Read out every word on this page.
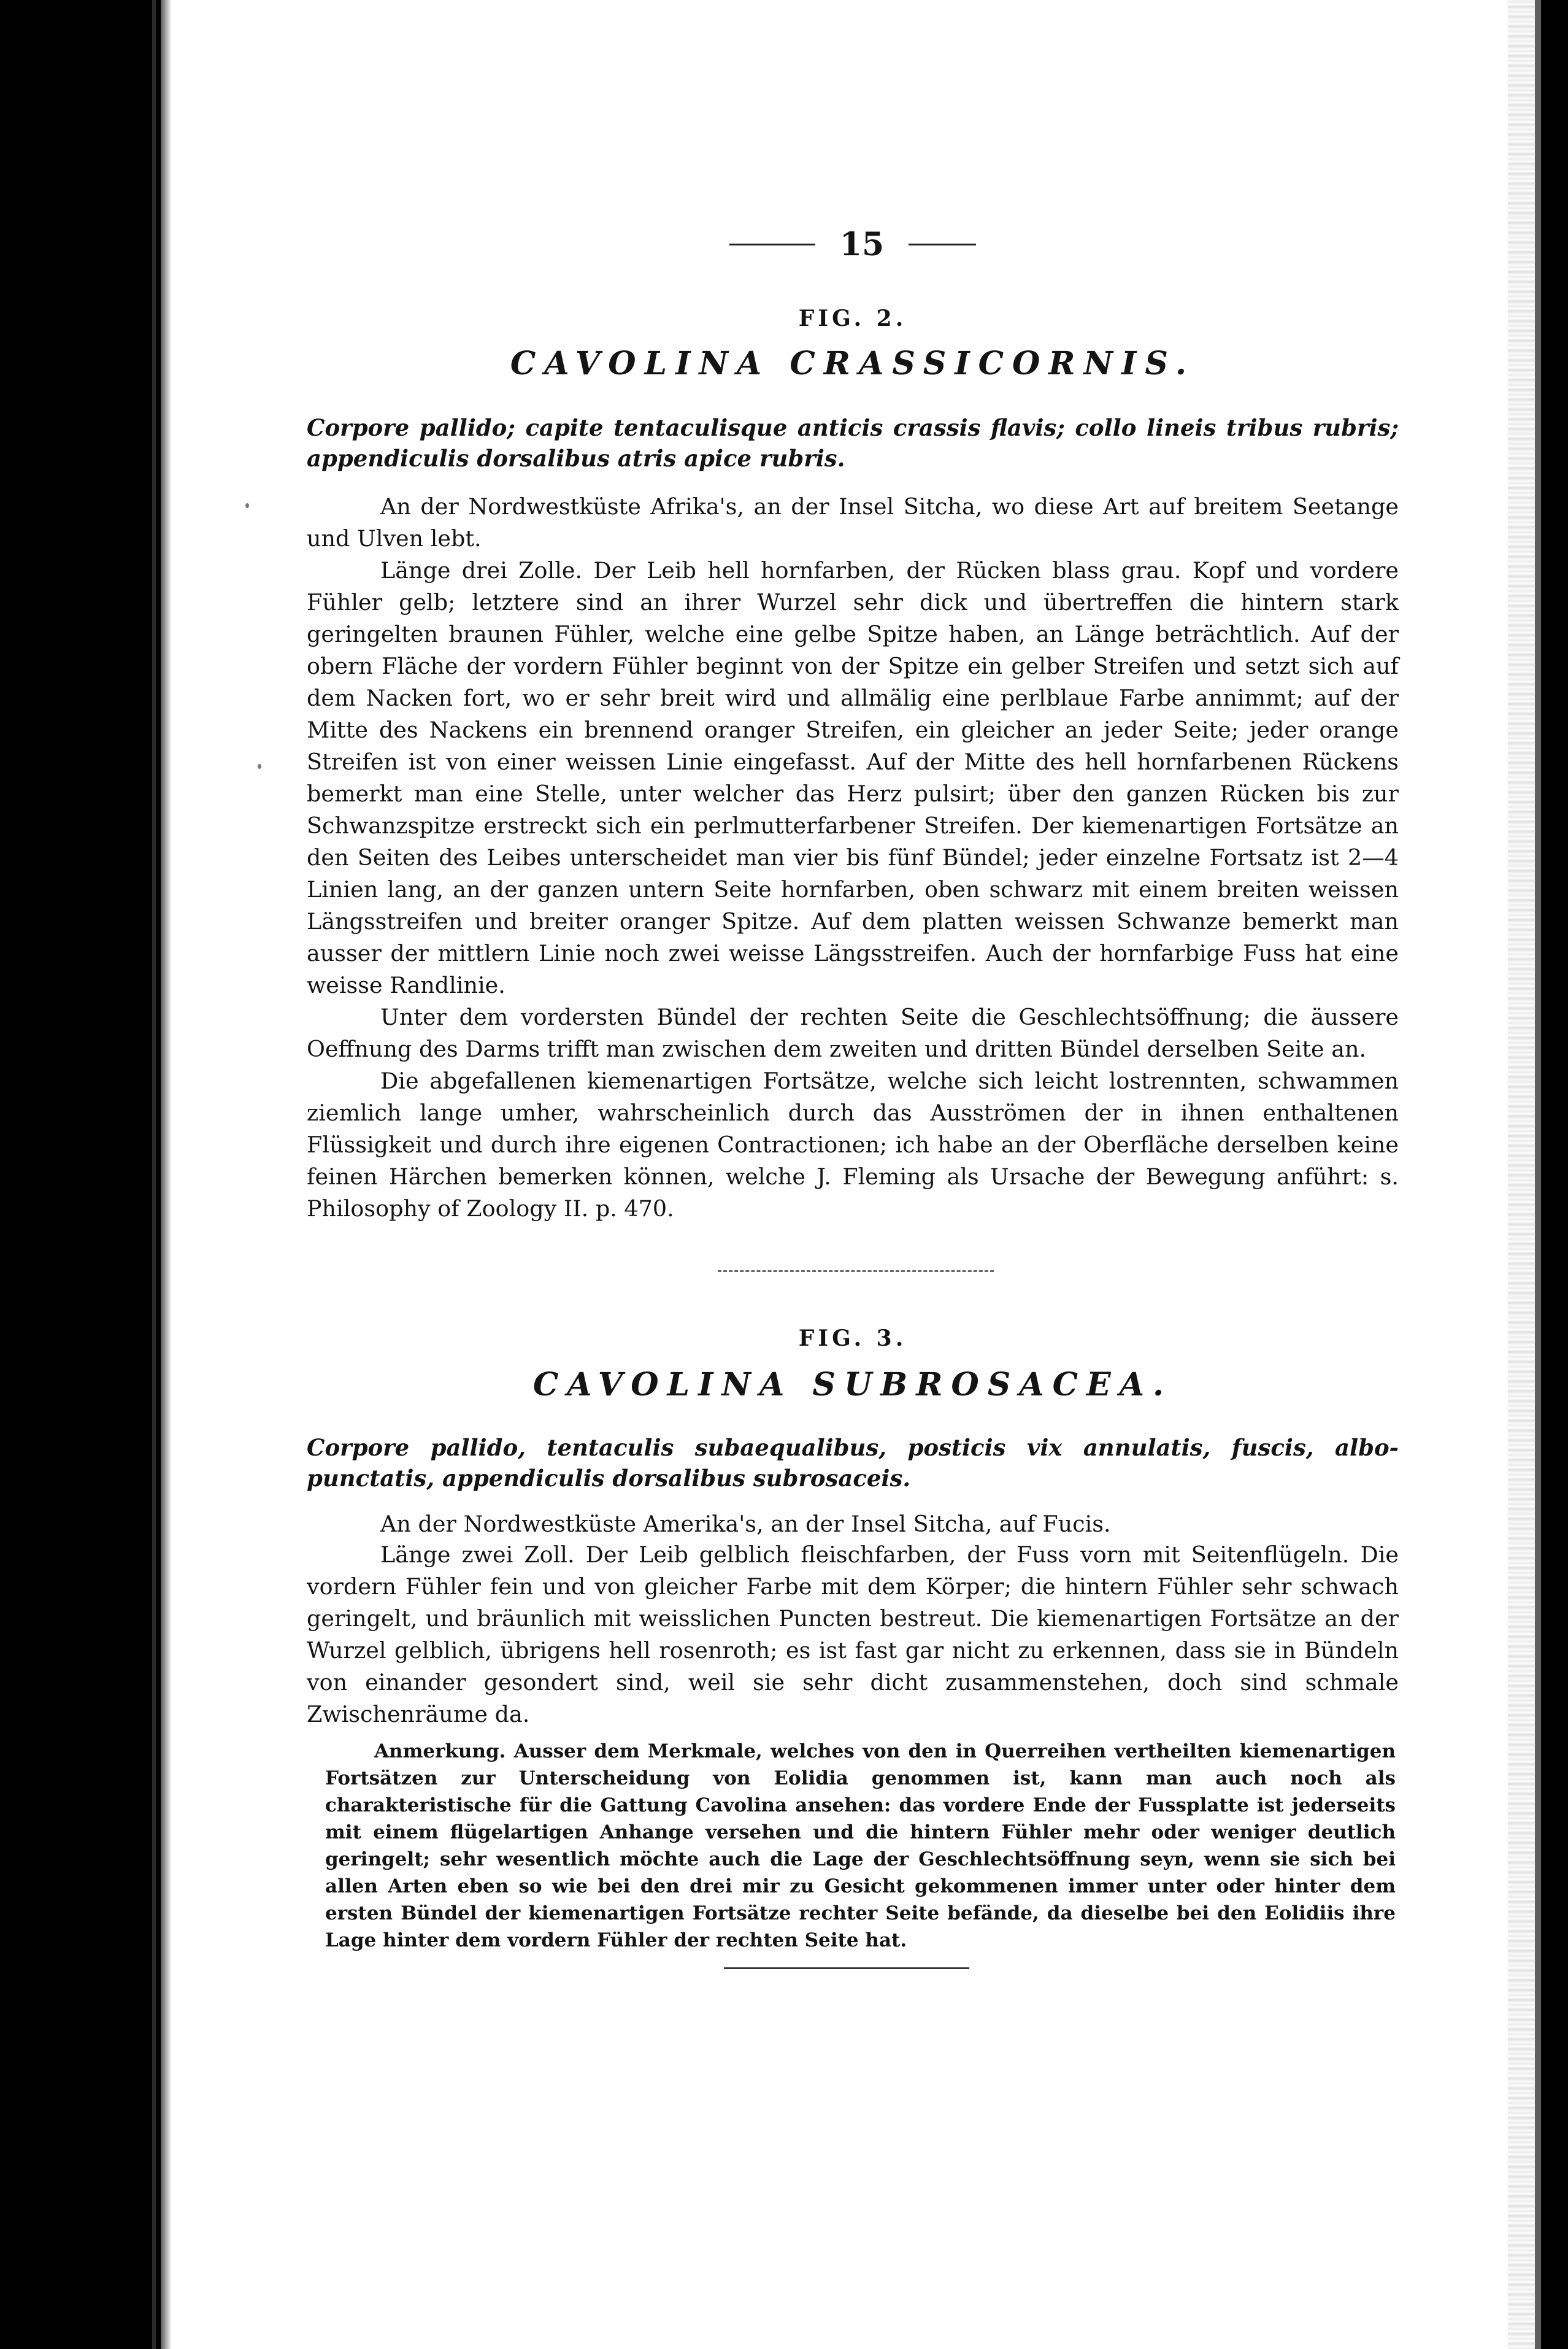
15
FIG. 2.
CAVOLINA CRASSICORNIS.

Corpore pallido; capite tentaculisque anticis crassis flavis; collo lineis tribus rubris; appendiculis dorsalibus atris apice rubris.

An der Nordwestküste Afrika's, an der Insel Sitcha, wo diese Art auf breitem Seetange und Ulven lebt.

Länge drei Zolle. Der Leib hell hornfarben, der Rücken blass grau. Kopf und vordere Fühler gelb; letztere sind an ihrer Wurzel sehr dick und übertreffen die hintern stark geringelten braunen Fühler, welche eine gelbe Spitze haben, an Länge beträchtlich. Auf der obern Fläche der vordern Fühler beginnt von der Spitze ein gelber Streifen und setzt sich auf dem Nacken fort, wo er sehr breit wird und allmälig eine perlblaue Farbe annimmt; auf der Mitte des Nackens ein brennend oranger Streifen, ein gleicher an jeder Seite; jeder orange Streifen ist von einer weissen Linie eingefasst. Auf der Mitte des hell hornfarbenen Rückens bemerkt man eine Stelle, unter welcher das Herz pulsirt; über den ganzen Rücken bis zur Schwanzspitze erstreckt sich ein perlmutterfarbener Streifen. Der kiemenartigen Fortsätze an den Seiten des Leibes unterscheidet man vier bis fünf Bündel; jeder einzelne Fortsatz ist 2—4 Linien lang, an der ganzen untern Seite hornfarben, oben schwarz mit einem breiten weissen Längsstreifen und breiter oranger Spitze. Auf dem platten weissen Schwanze bemerkt man ausser der mittlern Linie noch zwei weisse Längsstreifen. Auch der hornfarbige Fuss hat eine weisse Randlinie.

Unter dem vordersten Bündel der rechten Seite die Geschlechtsöffnung; die äussere Oeffnung des Darms trifft man zwischen dem zweiten und dritten Bündel derselben Seite an.

Die abgefallenen kiemenartigen Fortsätze, welche sich leicht lostrennten, schwammen ziemlich lange umher, wahrscheinlich durch das Ausströmen der in ihnen enthaltenen Flüssigkeit und durch ihre eigenen Contractionen; ich habe an der Oberfläche derselben keine feinen Härchen bemerken können, welche J. Fleming als Ursache der Bewegung anführt: s. Philosophy of Zoology II. p. 470.

FIG. 3.
CAVOLINA SUBROSACEA.

Corpore pallido, tentaculis subaequalibus, posticis vix annulatis, fuscis, albo-punctatis, appendiculis dorsalibus subrosaceis.

An der Nordwestküste Amerika's, an der Insel Sitcha, auf Fucis.

Länge zwei Zoll. Der Leib gelblich fleischfarben, der Fuss vorn mit Seitenflügeln. Die vordern Fühler fein und von gleicher Farbe mit dem Körper; die hintern Fühler sehr schwach geringelt, und bräunlich mit weisslichen Puncten bestreut. Die kiemenartigen Fortsätze an der Wurzel gelblich, übrigens hell rosenroth; es ist fast gar nicht zu erkennen, dass sie in Bündeln von einander gesondert sind, weil sie sehr dicht zusammenstehen, doch sind schmale Zwischenräume da.

Anmerkung. Ausser dem Merkmale, welches von den in Querreihen vertheilten kiemenartigen Fortsätzen zur Unterscheidung von Eolidia genommen ist, kann man auch noch als charakteristische für die Gattung Cavolina ansehen: das vordere Ende der Fussplatte ist jederseits mit einem flügelartigen Anhange versehen und die hintern Fühler mehr oder weniger deutlich geringelt; sehr wesentlich möchte auch die Lage der Geschlechtsöffnung seyn, wenn sie sich bei allen Arten eben so wie bei den drei mir zu Gesicht gekommenen immer unter oder hinter dem ersten Bündel der kiemenartigen Fortsätze rechter Seite befände, da dieselbe bei den Eolidiis ihre Lage hinter dem vordern Fühler der rechten Seite hat.
